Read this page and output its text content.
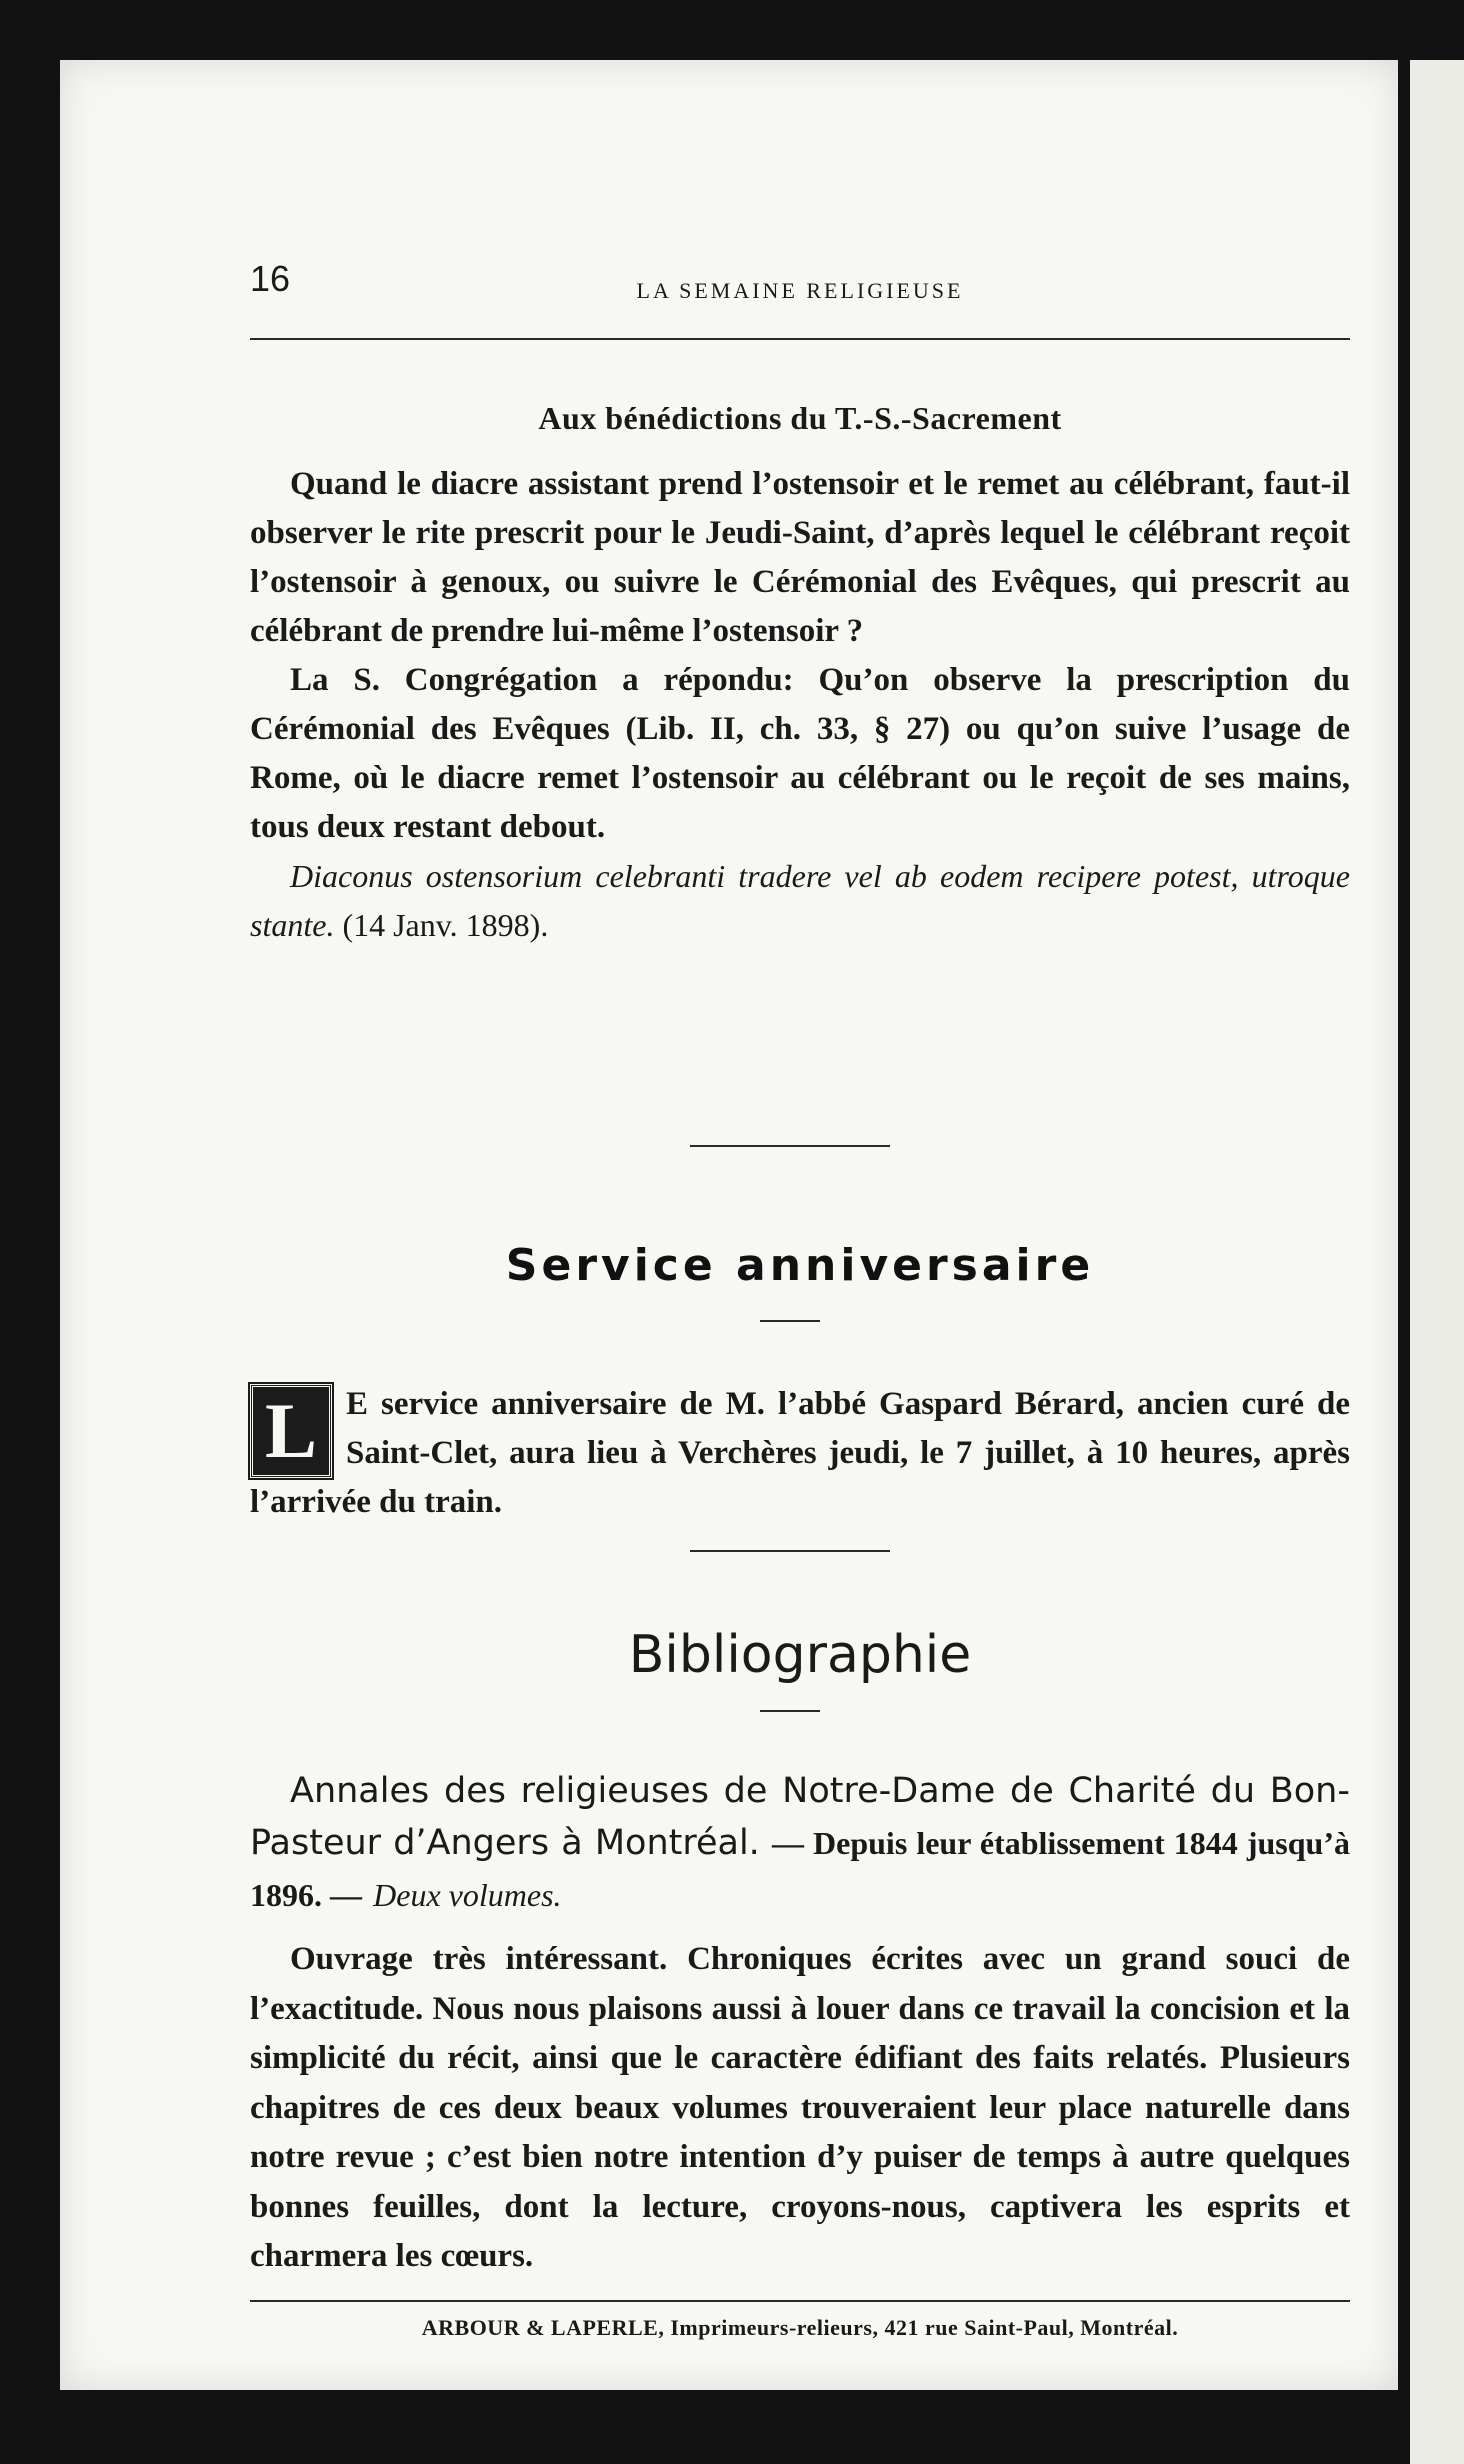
16	LA SEMAINE RELIGIEUSE
Aux bénédictions du T.-S.-Sacrement

Quand le diacre assistant prend l’ostensoir et le remet au célébrant, faut-il observer le rite prescrit pour le Jeudi-Saint, d’après lequel le célébrant reçoit l’ostensoir à genoux, ou suivre le Cérémonial des Evêques, qui prescrit au célébrant de prendre lui-même l’ostensoir ?

La S. Congrégation a répondu: Qu’on observe la prescription du Cérémonial des Evêques (Lib. II, ch. 33, § 27) ou qu’on suive l’usage de Rome, où le diacre remet l’ostensoir au célébrant ou le reçoit de ses mains, tous deux restant debout.

Diaconus ostensorium celebranti tradere vel ab eodem recipere potest, utroque stante. (14 Janv. 1898).

Service anniversaire
L E service anniversaire de M. l’abbé Gaspard Bérard, ancien curé de Saint-Clet, aura lieu à Verchères jeudi, le 7 juillet, à 10 heures, après l’arrivée du train.

Bibliographie

Annales des religieuses de Notre-Dame de Charité du Bon-Pasteur d’Angers à Montréal. — Depuis leur établissement 1844 jusqu’à 1896. — Deux volumes.

Ouvrage très intéressant. Chroniques écrites avec un grand souci de l’exactitude. Nous nous plaisons aussi à louer dans ce travail la concision et la simplicité du récit, ainsi que le caractère édifiant des faits relatés. Plusieurs chapitres de ces deux beaux volumes trouveraient leur place naturelle dans notre revue ; c’est bien notre intention d’y puiser de temps à autre quelques bonnes feuilles, dont la lecture, croyons-nous, captivera les esprits et charmera les cœurs.

ARBOUR & LAPERLE, Imprimeurs-relieurs, 421 rue Saint-Paul, Montréal.
